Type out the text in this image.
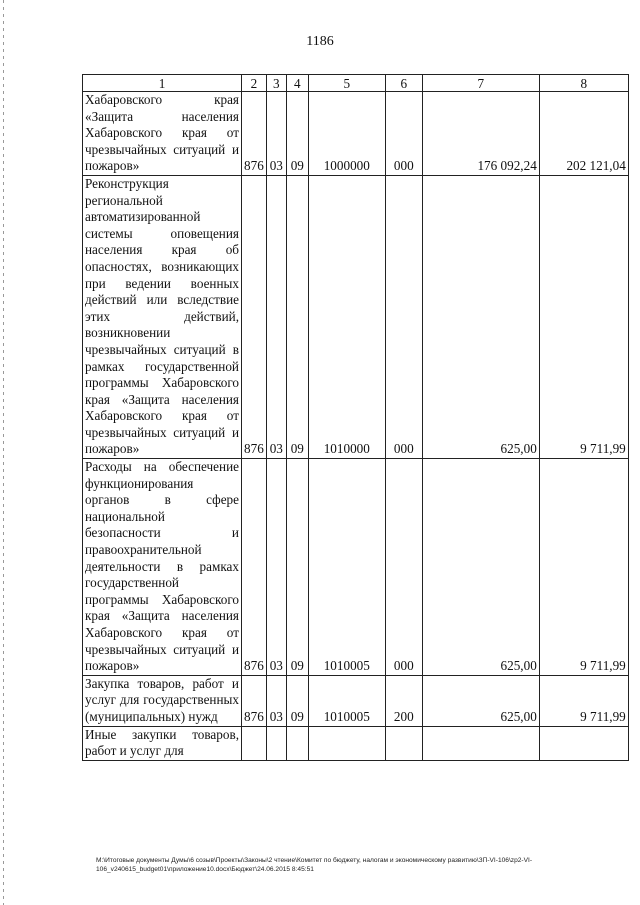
1186
1	2	3	4	5	6	7	8
Хабаровского края «Защита населения Хабаровского края от чрезвычайных ситуаций и пожаров»	876	03	09	1000000	000	176 092,24	202 121,04
Реконструкция региональной автоматизированной системы оповещения населения края об опасностях, возникающих при ведении военных действий или вследствие этих действий, возникновении чрезвычайных ситуаций в рамках государственной программы Хабаровского края «Защита населения Хабаровского края от чрезвычайных ситуаций и пожаров»	876	03	09	1010000	000	625,00	9 711,99
Расходы на обеспечение функционирования органов в сфере национальной безопасности и правоохранительной деятельности в рамках государственной программы Хабаровского края «Защита населения Хабаровского края от чрезвычайных ситуаций и пожаров»	876	03	09	1010005	000	625,00	9 711,99
Закупка товаров, работ и услуг для государственных (муниципальных) нужд	876	03	09	1010005	200	625,00	9 711,99
Иные закупки товаров, работ и услуг для							
M:\Итоговые документы Думы\6 созыв\Проекты\Законы\2 чтение\Комитет по бюджету, налогам и экономическому развитию\ЗП-VI-106\zp2-VI-106_v240615_budget01\приложение10.docx\Бюджет\24.06.2015 8:45:51
